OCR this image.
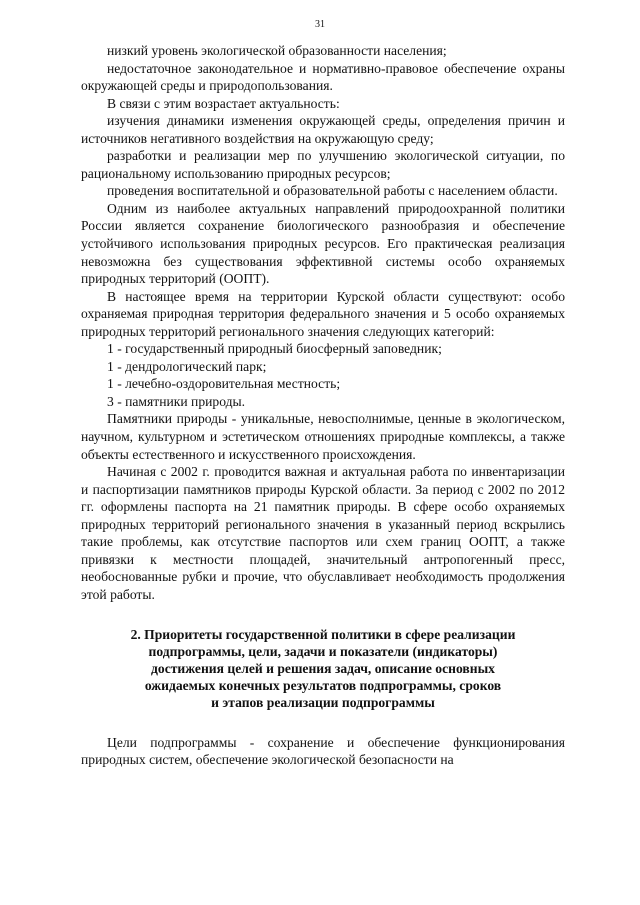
31

низкий уровень экологической образованности населения;

недостаточное законодательное и нормативно-правовое обеспечение охраны окружающей среды и природопользования.

В связи с этим возрастает актуальность:

изучения динамики изменения окружающей среды, определения причин и источников негативного воздействия на окружающую среду;

разработки и реализации мер по улучшению экологической ситуации, по рациональному использованию природных ресурсов;

проведения воспитательной и образовательной работы с населением области.

Одним из наиболее актуальных направлений природоохранной политики России является сохранение биологического разнообразия и обеспечение устойчивого использования природных ресурсов. Его практическая реализация невозможна без существования эффективной системы особо охраняемых природных территорий (ООПТ).

В настоящее время на территории Курской области существуют: особо охраняемая природная территория федерального значения и 5 особо охраняемых природных территорий регионального значения следующих категорий:

1 - государственный природный биосферный заповедник;

1 - дендрологический парк;

1 - лечебно-оздоровительная местность;

3 - памятники природы.

Памятники природы - уникальные, невосполнимые, ценные в экологическом, научном, культурном и эстетическом отношениях природные комплексы, а также объекты естественного и искусственного происхождения.

Начиная с 2002 г. проводится важная и актуальная работа по инвентаризации и паспортизации памятников природы Курской области. За период с 2002 по 2012 гг. оформлены паспорта на 21 памятник природы. В сфере особо охраняемых природных территорий регионального значения в указанный период вскрылись такие проблемы, как отсутствие паспортов или схем границ ООПТ, а также привязки к местности площадей, значительный антропогенный пресс, необоснованные рубки и прочие, что обуславливает необходимость продолжения этой работы.

2. Приоритеты государственной политики в сфере реализации
подпрограммы, цели, задачи и показатели (индикаторы)
достижения целей и решения задач, описание основных
ожидаемых конечных результатов подпрограммы, сроков
и этапов реализации подпрограммы

Цели подпрограммы - сохранение и обеспечение функционирования природных систем, обеспечение экологической безопасности на
